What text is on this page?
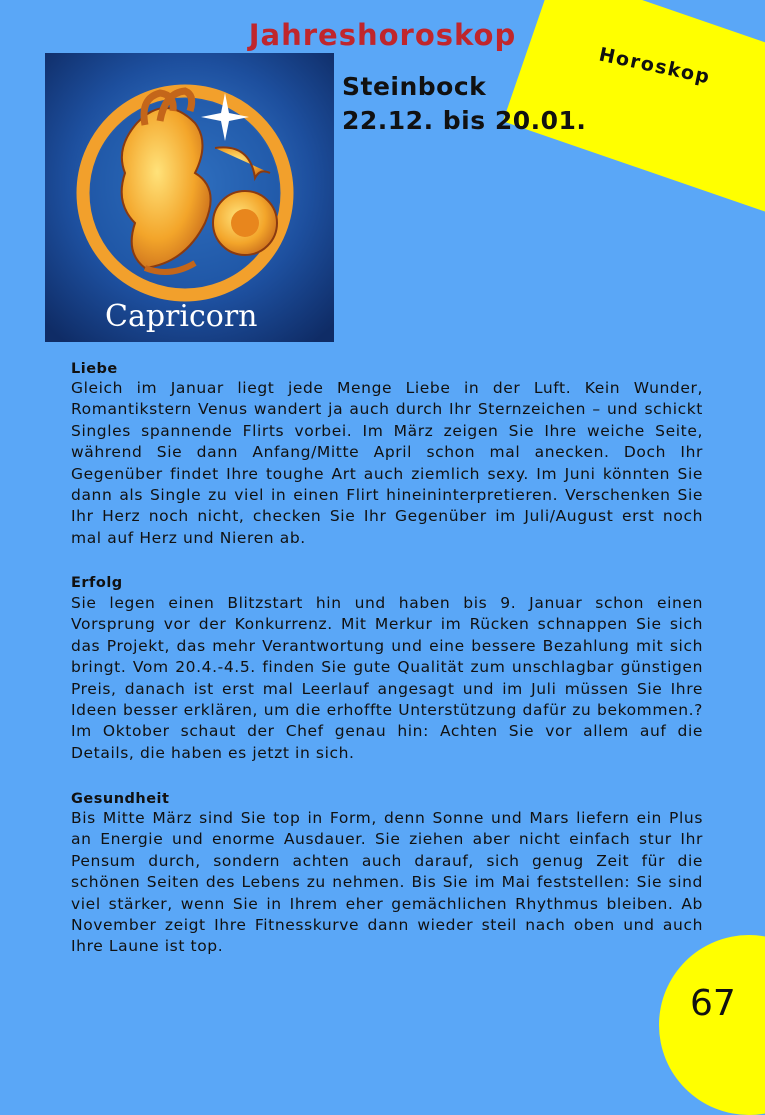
Jahreshoroskop
Horoskop
Capricorn
Steinbock
22.12. bis 20.01.
Liebe

Gleich im Januar liegt jede Menge Liebe in der Luft. Kein Wunder, Romantikstern Venus wandert ja auch durch Ihr Sternzeichen – und schickt Singles spannende Flirts vorbei. Im März zeigen Sie Ihre weiche Seite, während Sie dann Anfang/Mitte April schon mal anecken. Doch Ihr Gegenüber findet Ihre toughe Art auch ziemlich sexy. Im Juni könnten Sie dann als Single zu viel in einen Flirt hineininterpretieren. Verschenken Sie Ihr Herz noch nicht, checken Sie Ihr Gegenüber im Juli/August erst noch mal auf Herz und Nieren ab.

Erfolg

Sie legen einen Blitzstart hin und haben bis 9. Januar schon einen Vorsprung vor der Konkurrenz. Mit Merkur im Rücken schnappen Sie sich das Projekt, das mehr Verantwortung und eine bessere Bezahlung mit sich bringt. Vom 20.4.-4.5. finden Sie gute Qualität zum unschlagbar günstigen Preis, danach ist erst mal Leerlauf angesagt und im Juli müssen Sie Ihre Ideen besser erklären, um die erhoffte Unterstützung dafür zu bekommen.? Im Oktober schaut der Chef genau hin: Achten Sie vor allem auf die Details, die haben es jetzt in sich.

Gesundheit

Bis Mitte März sind Sie top in Form, denn Sonne und Mars liefern ein Plus an Energie und enorme Ausdauer. Sie ziehen aber nicht einfach stur Ihr Pensum durch, sondern achten auch darauf, sich genug Zeit für die schönen Seiten des Lebens zu nehmen. Bis Sie im Mai feststellen: Sie sind viel stärker, wenn Sie in Ihrem eher gemächlichen Rhythmus bleiben. Ab November zeigt Ihre Fitnesskurve dann wieder steil nach oben und auch Ihre Laune ist top.

67
